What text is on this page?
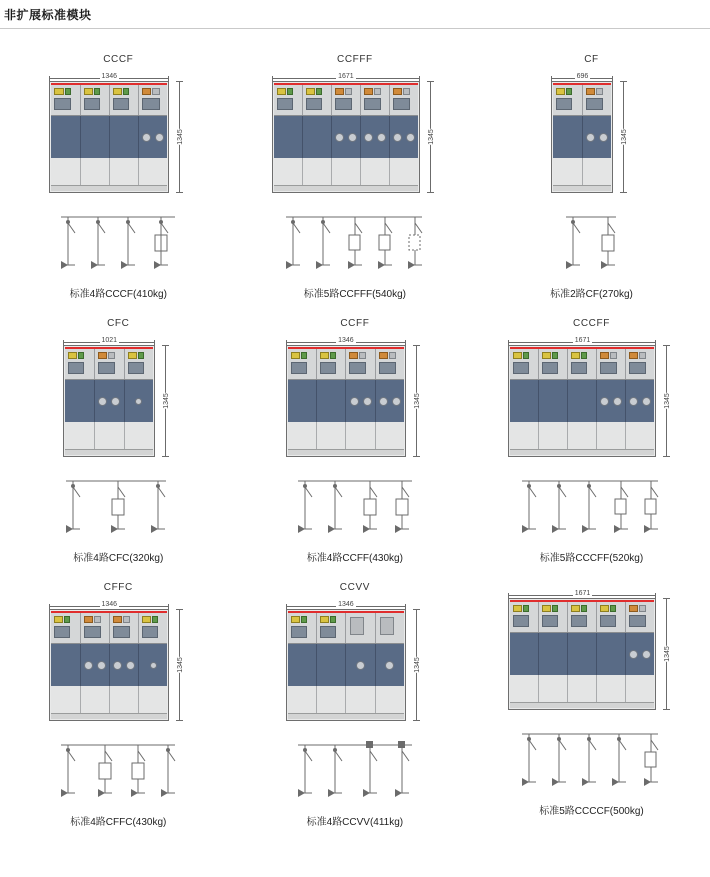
非扩展标准模块
CCCF
1346
1345
标准4路CCCF(410kg)
CCFFF
1671
1345
标准5路CCFFF(540kg)
CF
696
1345
标准2路CF(270kg)
CFC
1021
1345
标准4路CFC(320kg)
CCFF
1346
1345
标准4路CCFF(430kg)
CCCFF
1671
1345
标准5路CCCFF(520kg)
CFFC
1346
1345
标准4路CFFC(430kg)
CCVV
1346
1345
标准4路CCVV(411kg)
1671
1345
标准5路CCCCF(500kg)
